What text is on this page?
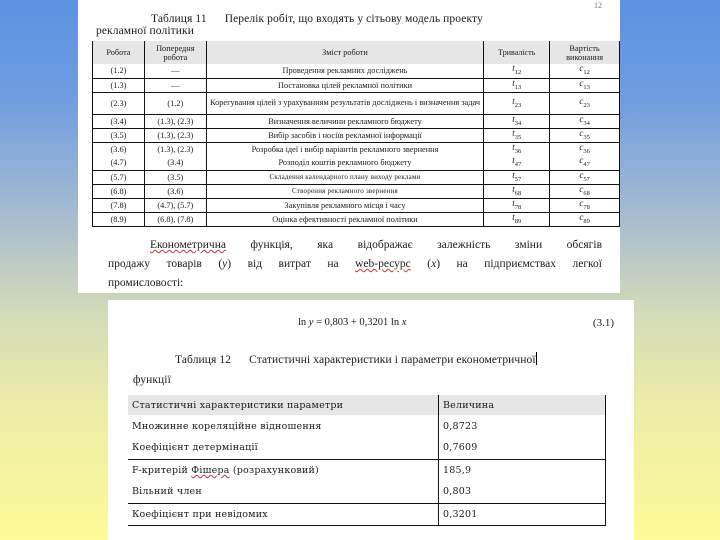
12
Таблиця 11 Перелік робіт, що входять у сітьову модель проекту
рекламної політики
Робота	Попередня робота	Зміст роботи	Тривалість	Вартість виконання
(1.2)	—	Проведення рекламних досліджень	$t_{12}$	$c_{12}$
(1.3)	—	Постановка цілей рекламної політики	$t_{13}$	$c_{13}$
(2.3)	(1.2)	Корегування цілей з урахуванням результатів досліджень і визначення задач	$t_{23}$	$c_{23}$
(3.4)	(1.3), (2.3)	Визначення величини рекламного бюджету	$t_{34}$	$c_{34}$
(3.5)	(1.3), (2.3)	Вибір засобів і носіїв рекламної інформації	$t_{35}$	$c_{35}$
(3.6)	(1.3), (2.3)	Розробка ідеї і вибір варіантів рекламного звернення	$t_{36}$	$c_{36}$
(4.7)	(3.4)	Розподіл коштів рекламного бюджету	$t_{47}$	$c_{47}$
(5.7)	(3.5)	Складення календарного плану виходу реклами	$t_{57}$	$c_{57}$
(6.8)	(3.6)	Створення рекламного звернення	$t_{68}$	$c_{68}$
(7.8)	(4.7), (5.7)	Закупівля рекламного місця і часу	$t_{78}$	$c_{78}$
(8.9)	(6.8), (7.8)	Оцінка ефективності рекламної політики	$t_{89}$	$c_{89}$
Економетрична функція, яка відображає залежність зміни обсягів
продажу товарів (y) від витрат на web-ресурс (x) на підприємствах легкої
промисловості:
ln y = 0,803 + 0,3201 ln x	(3.1)
Таблиця 12 Статистичні характеристики і параметри економетричної
функції
Статистичні характеристики параметри	Величина
Множинне кореляційне відношення	0,8723
Коефіцієнт детермінації	0,7609
F-критерій Фішера (розрахунковий)	185,9
Вільний член	0,803
Коефіцієнт при невідомих	0,3201
